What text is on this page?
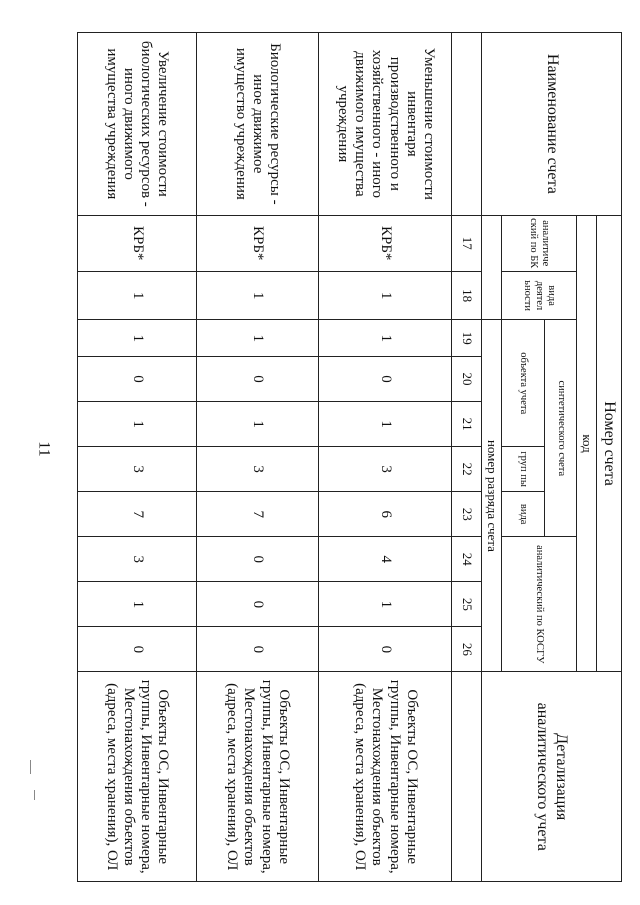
11
Наименование счета	Номер счета										Детализация аналитического учета
	код										
	аналитиче ский по БК	вида деятел ьности	синтетического счета					аналитический по КОСГУ			
			объекта учета			груп пы	вида				
			номер разряда счета								
	17	18	19	20	21	22	23	24	25	26	
Уменьшение стоимости инвентаря производственного и хозяйственного - иного движимого имущества учреждения	КРБ*	1	1	0	1	3	6	4	1	0	Объекты ОС, Инвентарные группы, Инвентарные номера, Местонахождения объектов (адреса, места хранения), ОЛ
Биологические ресурсы - иное движимое имущество учреждения	КРБ*	1	1	0	1	3	7	0	0	0	Объекты ОС, Инвентарные группы, Инвентарные номера, Местонахождения объектов (адреса, места хранения), ОЛ
Увеличение стоимости биологических ресурсов - иного движимого имущества учреждения	КРБ*	1	1	0	1	3	7	3	1	0	Объекты ОС, Инвентарные группы, Инвентарные номера, Местонахождения объектов (адреса, места хранения), ОЛ
